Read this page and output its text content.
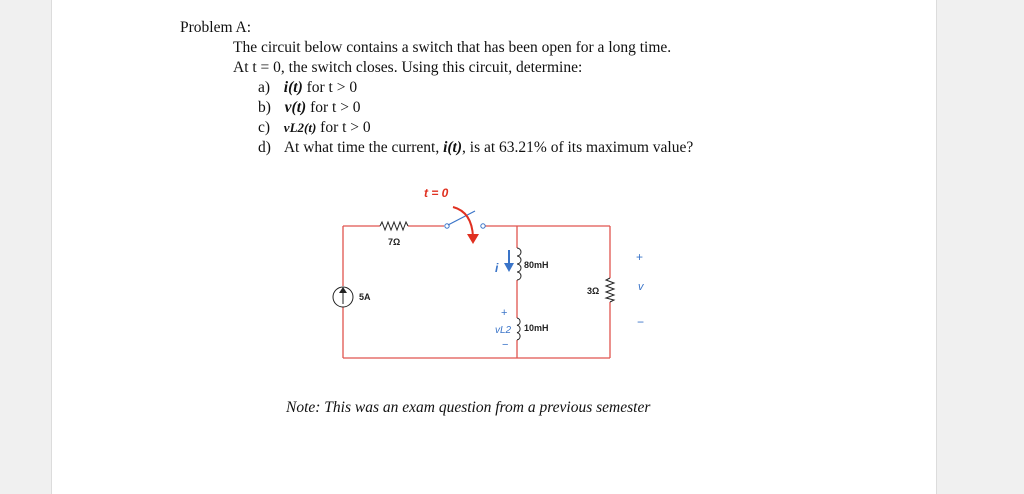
Problem A:
The circuit below contains a switch that has been open for a long time.
At t = 0, the switch closes. Using this circuit, determine:
a) i(t) for t > 0
b) v(t) for t > 0
c) vL2(t) for t > 0
d) At what time the current, i(t), is at 63.21% of its maximum value?
t = 0
7Ω
5A
i	80mH
+
vL2
−
10mH
3Ω
+
v
−
Note: This was an exam question from a previous semester
